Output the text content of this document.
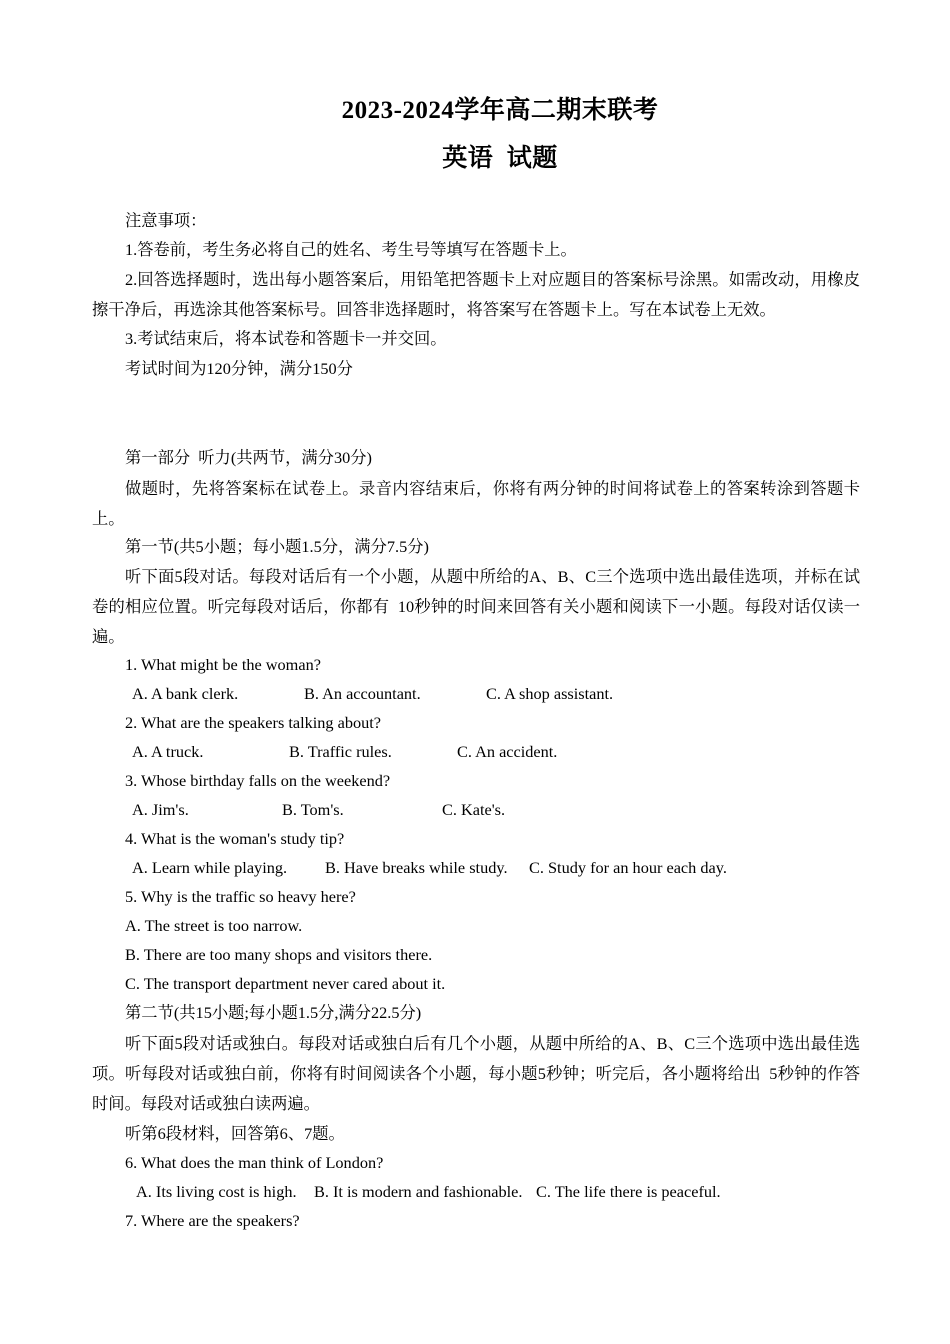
2023-2024学年高二期末联考
英语  试题
注意事项：
1.答卷前，考生务必将自己的姓名、考生号等填写在答题卡上。
2.回答选择题时，选出每小题答案后，用铅笔把答题卡上对应题目的答案标号涂黑。如需改动，用橡皮擦干净后，再选涂其他答案标号。回答非选择题时，将答案写在答题卡上。写在本试卷上无效。
3.考试结束后，将本试卷和答题卡一并交回。
考试时间为120分钟，满分150分
第一部分  听力(共两节，满分30分)
做题时，先将答案标在试卷上。录音内容结束后，你将有两分钟的时间将试卷上的答案转涂到答题卡上。
第一节(共5小题；每小题1.5分，满分7.5分)
听下面5段对话。每段对话后有一个小题，从题中所给的A、B、C三个选项中选出最佳选项，并标在试卷的相应位置。听完每段对话后，你都有  10秒钟的时间来回答有关小题和阅读下一小题。每段对话仅读一遍。
1. What might be the woman?
A. A bank clerk.	B. An accountant.	C. A shop assistant.
2. What are the speakers talking about?
A. A truck.	B. Traffic rules.	C. An accident.
3. Whose birthday falls on the weekend?
A. Jim's.	B. Tom's.	C. Kate's.
4. What is the woman's study tip?
A. Learn while playing. B. Have breaks while study. C. Study for an hour each day.
5. Why is the traffic so heavy here?
A. The street is too narrow.
B. There are too many shops and visitors there.
C. The transport department never cared about it.
第二节(共15小题;每小题1.5分,满分22.5分)
听下面5段对话或独白。每段对话或独白后有几个小题，从题中所给的A、B、C三个选项中选出最佳选项。听每段对话或独白前，你将有时间阅读各个小题，每小题5秒钟；听完后，各小题将给出  5秒钟的作答时间。每段对话或独白读两遍。
听第6段材料，回答第6、7题。
6. What does the man think of London?
A. Its living cost is high. B. It is modern and fashionable. C. The life there is peaceful.
7. Where are the speakers?
